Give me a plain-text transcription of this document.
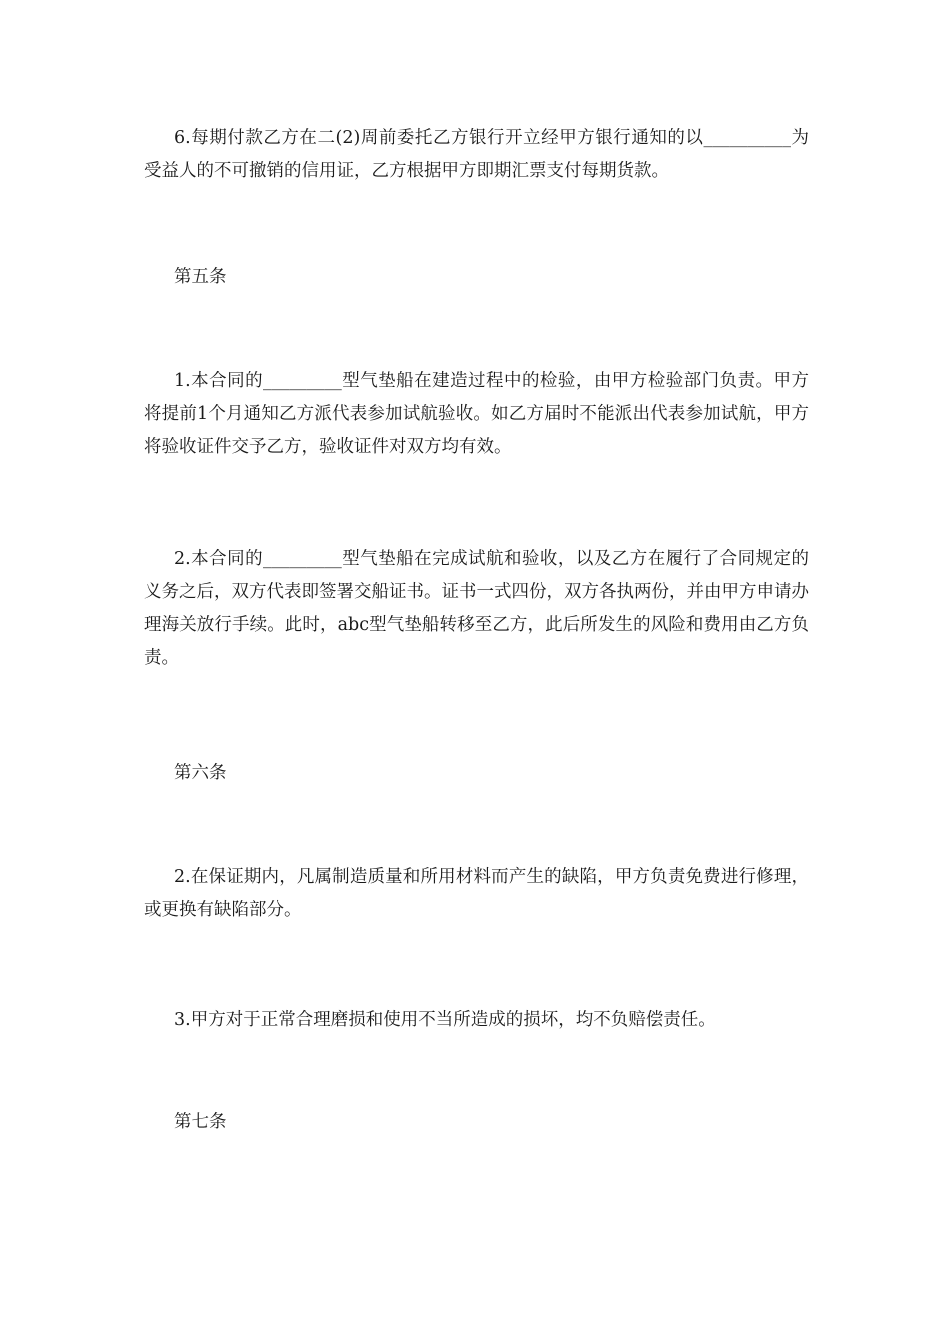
6.每期付款乙方在二(2)周前委托乙方银行开立经甲方银行通知的以__________为受益人的不可撤销的信用证，乙方根据甲方即期汇票支付每期货款。

第五条

1.本合同的_________型气垫船在建造过程中的检验，由甲方检验部门负责。甲方将提前1个月通知乙方派代表参加试航验收。如乙方届时不能派出代表参加试航，甲方将验收证件交予乙方，验收证件对双方均有效。

2.本合同的_________型气垫船在完成试航和验收，以及乙方在履行了合同规定的义务之后，双方代表即签署交船证书。证书一式四份，双方各执两份，并由甲方申请办理海关放行手续。此时，abc型气垫船转移至乙方，此后所发生的风险和费用由乙方负责。

第六条

2.在保证期内，凡属制造质量和所用材料而产生的缺陷，甲方负责免费进行修理，或更换有缺陷部分。

3.甲方对于正常合理磨损和使用不当所造成的损坏，均不负赔偿责任。

第七条
